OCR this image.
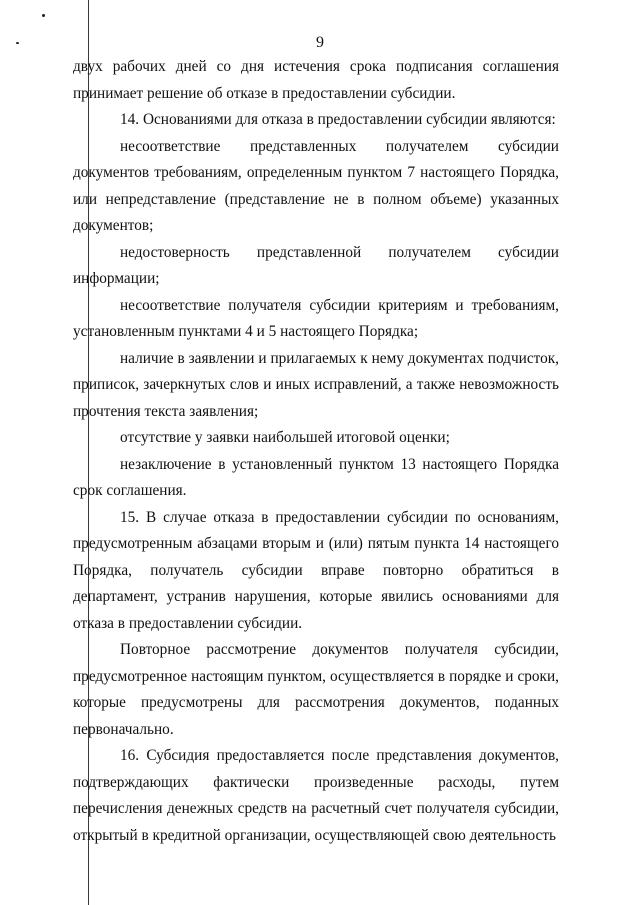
9

двух рабочих дней со дня истечения срока подписания соглашения принимает решение об отказе в предоставлении субсидии.

14. Основаниями для отказа в предоставлении субсидии являются:

несоответствие представленных получателем субсидии документов требованиям, определенным пунктом 7 настоящего Порядка, или непредставление (представление не в полном объеме) указанных документов;

недостоверность представленной получателем субсидии информации;

несоответствие получателя субсидии критериям и требованиям, установленным пунктами 4 и 5 настоящего Порядка;

наличие в заявлении и прилагаемых к нему документах подчисток, приписок, зачеркнутых слов и иных исправлений, а также невозможность прочтения текста заявления;

отсутствие у заявки наибольшей итоговой оценки;

незаключение в установленный пунктом 13 настоящего Порядка срок соглашения.

15. В случае отказа в предоставлении субсидии по основаниям, предусмотренным абзацами вторым и (или) пятым пункта 14 настоящего Порядка, получатель субсидии вправе повторно обратиться в департамент, устранив нарушения, которые явились основаниями для отказа в предоставлении субсидии.

Повторное рассмотрение документов получателя субсидии, предусмотренное настоящим пунктом, осуществляется в порядке и сроки, которые предусмотрены для рассмотрения документов, поданных первоначально.

16. Субсидия предоставляется после представления документов, подтверждающих фактически произведенные расходы, путем перечисления денежных средств на расчетный счет получателя субсидии, открытый в кредитной организации, осуществляющей свою деятельность
